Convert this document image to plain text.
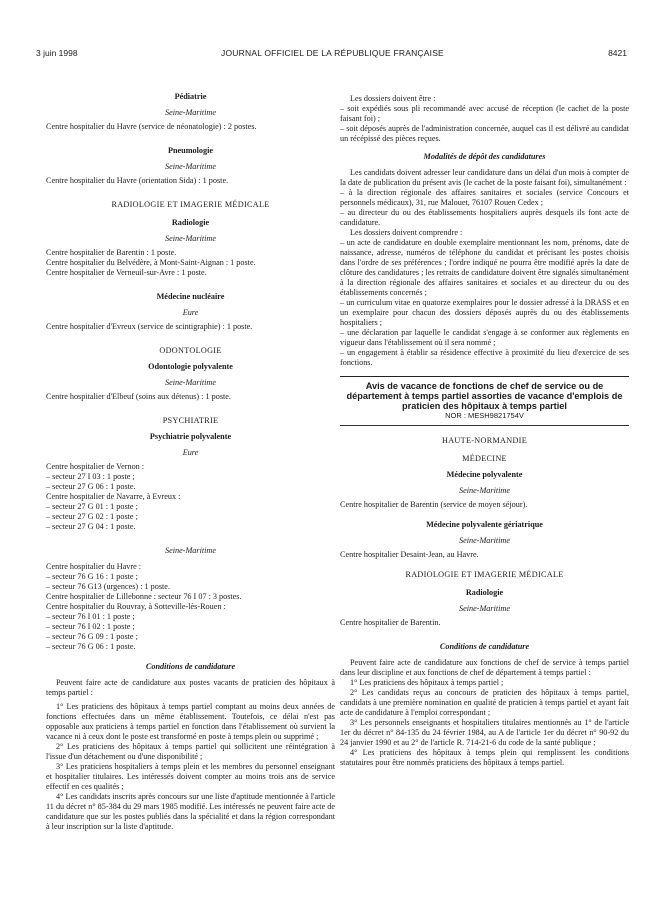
3 juin 1998	JOURNAL OFFICIEL DE LA RÉPUBLIQUE FRANÇAISE	8421
Pédiatrie
Seine-Maritime
Centre hospitalier du Havre (service de néonatologie) : 2 postes.
Pneumologie
Seine-Maritime
Centre hospitalier du Havre (orientation Sida) : 1 poste.
RADIOLOGIE ET IMAGERIE MÉDICALE
Radiologie
Seine-Maritime
Centre hospitalier de Barentin : 1 poste.
Centre hospitalier du Belvédère, à Mont-Saint-Aignan : 1 poste.
Centre hospitalier de Verneuil-sur-Avre : 1 poste.
Médecine nucléaire
Eure
Centre hospitalier d'Evreux (service de scintigraphie) : 1 poste.
ODONTOLOGIE
Odontologie polyvalente
Seine-Maritime
Centre hospitalier d'Elbeuf (soins aux détenus) : 1 poste.
PSYCHIATRIE
Psychiatrie polyvalente
Eure
Centre hospitalier de Vernon :
– secteur 27 I 03 : 1 poste ;
– secteur 27 G 06 : 1 poste.
Centre hospitalier de Navarre, à Evreux :
– secteur 27 G 01 : 1 poste ;
– secteur 27 G 02 : 1 poste ;
– secteur 27 G 04 : 1 poste.
Seine-Maritime
Centre hospitalier du Havre :
– secteur 76 G 16 : 1 poste ;
– secteur 76 G13 (urgences) : 1 poste.
Centre hospitalier de Lillebonne : secteur 76 I 07 : 3 postes.
Centre hospitalier du Rouvray, à Sotteville-lès-Rouen :
– secteur 76 I 01 : 1 poste ;
– secteur 76 I 02 : 1 poste ;
– secteur 76 G 09 : 1 poste ;
– secteur 76 G 06 : 1 poste.
Conditions de candidature
Peuvent faire acte de candidature aux postes vacants de praticien des hôpitaux à temps partiel :
1° Les praticiens des hôpitaux à temps partiel comptant au moins deux années de fonctions effectuées dans un même établissement. Toutefois, ce délai n'est pas opposable aux praticiens à temps partiel en fonction dans l'établissement où survient la vacance ni à ceux dont le poste est transformé en poste à temps plein ou supprimé ;
2° Les praticiens des hôpitaux à temps partiel qui sollicitent une réintégration à l'issue d'un détachement ou d'une disponibilité ;
3° Les praticiens hospitaliers à temps plein et les membres du personnel enseignant et hospitalier titulaires. Les intéressés doivent compter au moins trois ans de service effectif en ces qualités ;
4° Les candidats inscrits après concours sur une liste d'aptitude mentionnée à l'article 11 du décret n° 85-384 du 29 mars 1985 modifié. Les intéressés ne peuvent faire acte de candidature que sur les postes publiés dans la spécialité et dans la région correspondant à leur inscription sur la liste d'aptitude.
Les dossiers doivent être :
– soit expédiés sous pli recommandé avec accusé de réception (le cachet de la poste faisant foi) ;
– soit déposés auprès de l'administration concernée, auquel cas il est délivré au candidat un récépissé des pièces reçues.
Modalités de dépôt des candidatures
Les candidats doivent adresser leur candidature dans un délai d'un mois à compter de la date de publication du présent avis (le cachet de la poste faisant foi), simultanément :
– à la direction régionale des affaires sanitaires et sociales (service Concours et personnels médicaux), 31, rue Malouet, 76107 Rouen Cedex ;
– au directeur du ou des établissements hospitaliers auprès desquels ils font acte de candidature.
Les dossiers doivent comprendre :
– un acte de candidature en double exemplaire mentionnant les nom, prénoms, date de naissance, adresse, numéros de téléphone du candidat et précisant les postes choisis dans l'ordre de ses préférences ; l'ordre indiqué ne pourra être modifié après la date de clôture des candidatures ; les retraits de candidature doivent être signalés simultanément à la direction régionale des affaires sanitaires et sociales et au directeur du ou des établissements concernés ;
– un curriculum vitae en quatorze exemplaires pour le dossier adressé à la DRASS et en un exemplaire pour chacun des dossiers déposés auprès du ou des établissements hospitaliers ;
– une déclaration par laquelle le candidat s'engage à se conformer aux règlements en vigueur dans l'établissement où il sera nommé ;
– un engagement à établir sa résidence effective à proximité du lieu d'exercice de ses fonctions.
Avis de vacance de fonctions de chef de service ou de département à temps partiel assorties de vacance d'emplois de praticien des hôpitaux à temps partiel
NOR : MESH9821754V
HAUTE-NORMANDIE
MÉDECINE
Médecine polyvalente
Seine-Maritime
Centre hospitalier de Barentin (service de moyen séjour).
Médecine polyvalente gériatrique
Seine-Maritime
Centre hospitalier Desaint-Jean, au Havre.
RADIOLOGIE ET IMAGERIE MÉDICALE
Radiologie
Seine-Maritime
Centre hospitalier de Barentin.
Conditions de candidature
Peuvent faire acte de candidature aux fonctions de chef de service à temps partiel dans leur discipline et aux fonctions de chef de département à temps partiel :
1° Les praticiens des hôpitaux à temps partiel ;
2° Les candidats reçus au concours de praticien des hôpitaux à temps partiel, candidats à une première nomination en qualité de praticien à temps partiel et ayant fait acte de candidature à l'emploi correspondant ;
3° Les personnels enseignants et hospitaliers titulaires mentionnés au 1° de l'article 1er du décret n° 84-135 du 24 février 1984, au A de l'article 1er du décret n° 90-92 du 24 janvier 1990 et au 2° de l'article R. 714-21-6 du code de la santé publique ;
4° Les praticiens des hôpitaux à temps plein qui remplissent les conditions statutaires pour être nommés praticiens des hôpitaux à temps partiel.
